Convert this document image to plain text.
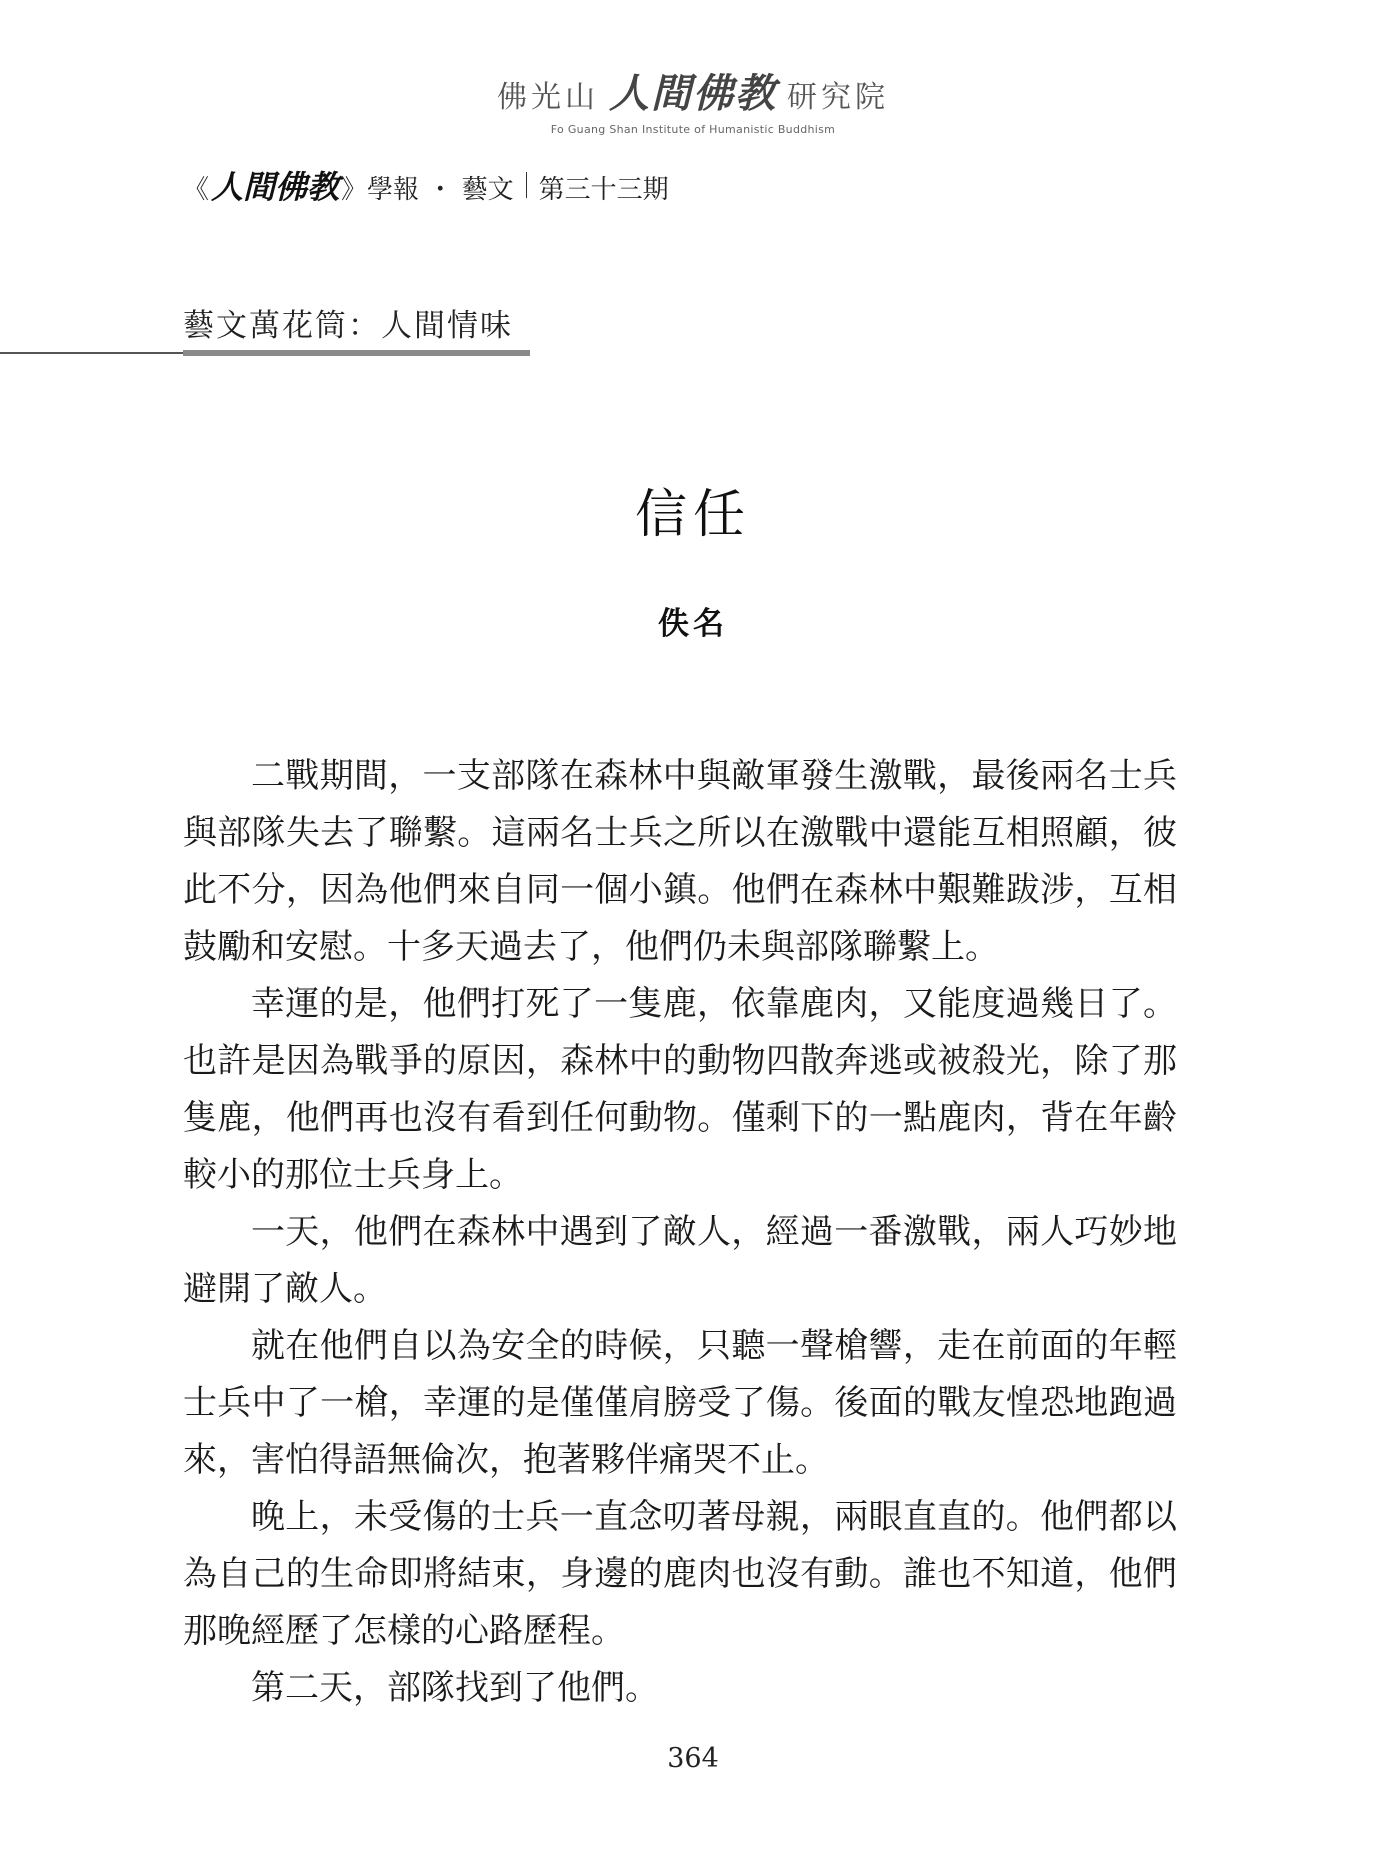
佛光山 人間佛教 研究院
Fo Guang Shan Institute of Humanistic Buddhism
《 人間佛教 》 學報 ・ 藝文 第三十三期
藝文萬花筒：人間情味
信任
佚名

二戰期間，一支部隊在森林中與敵軍發生激戰，最後兩名士兵與部隊失去了聯繫。這兩名士兵之所以在激戰中還能互相照顧，彼此不分，因為他們來自同一個小鎮。他們在森林中艱難跋涉，互相鼓勵和安慰。十多天過去了，他們仍未與部隊聯繫上。

幸運的是，他們打死了一隻鹿，依靠鹿肉，又能度過幾日了。也許是因為戰爭的原因，森林中的動物四散奔逃或被殺光，除了那隻鹿，他們再也沒有看到任何動物。僅剩下的一點鹿肉，背在年齡較小的那位士兵身上。

一天，他們在森林中遇到了敵人，經過一番激戰，兩人巧妙地避開了敵人。

就在他們自以為安全的時候，只聽一聲槍響，走在前面的年輕士兵中了一槍，幸運的是僅僅肩膀受了傷。後面的戰友惶恐地跑過來，害怕得語無倫次，抱著夥伴痛哭不止。

晚上，未受傷的士兵一直念叨著母親，兩眼直直的。他們都以為自己的生命即將結束，身邊的鹿肉也沒有動。誰也不知道，他們那晚經歷了怎樣的心路歷程。

第二天，部隊找到了他們。

364
